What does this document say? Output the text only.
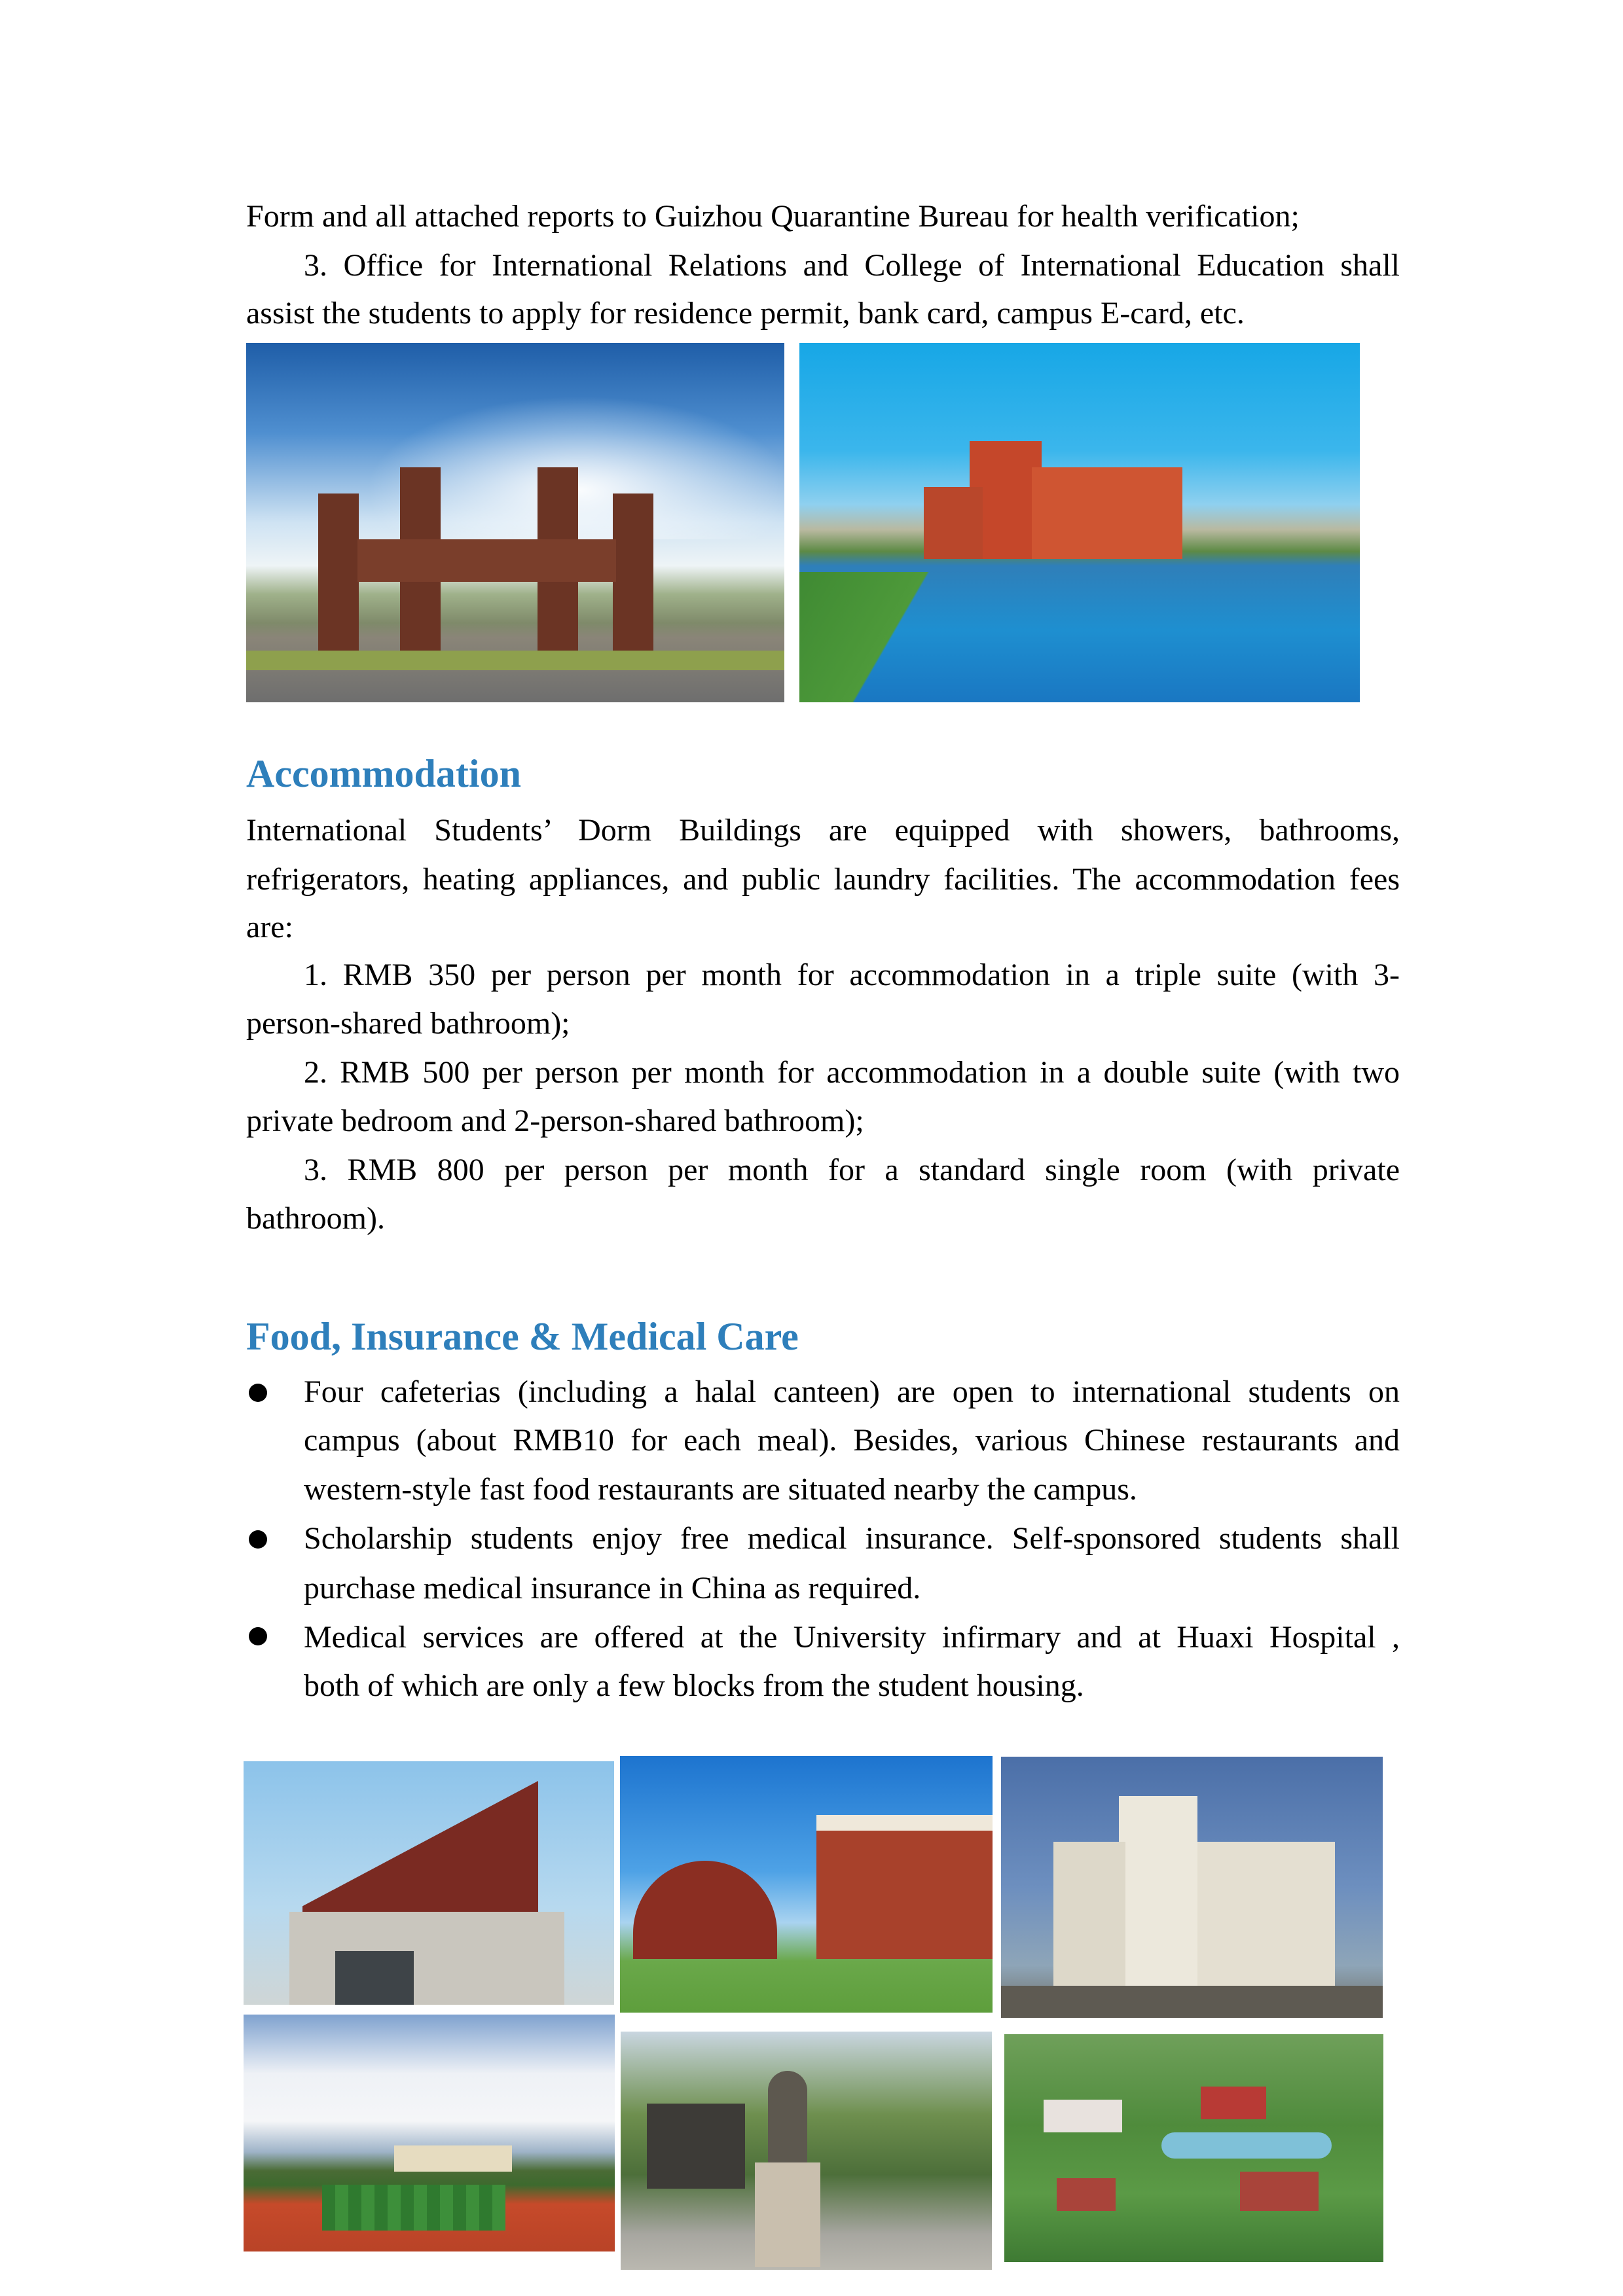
Form and all attached reports to Guizhou Quarantine Bureau for health verification;
3. Office for International Relations and College of International Education shall
assist the students to apply for residence permit, bank card, campus E-card, etc.
Accommodation
International Students’ Dorm Buildings are equipped with showers, bathrooms,
refrigerators, heating appliances, and public laundry facilities. The accommodation fees
are:
1. RMB 350 per person per month for accommodation in a triple suite (with 3-
person-shared bathroom);
2. RMB 500 per person per month for accommodation in a double suite (with two
private bedroom and 2-person-shared bathroom);
3. RMB 800 per person per month for a standard single room (with private
bathroom).
Food, Insurance & Medical Care
Four cafeterias (including a halal canteen) are open to international students on
campus (about RMB10 for each meal). Besides, various Chinese restaurants and
western-style fast food restaurants are situated nearby the campus.
Scholarship students enjoy free medical insurance. Self-sponsored students shall
purchase medical insurance in China as required.
Medical services are offered at the University infirmary and at Huaxi Hospital ,
both of which are only a few blocks from the student housing.
